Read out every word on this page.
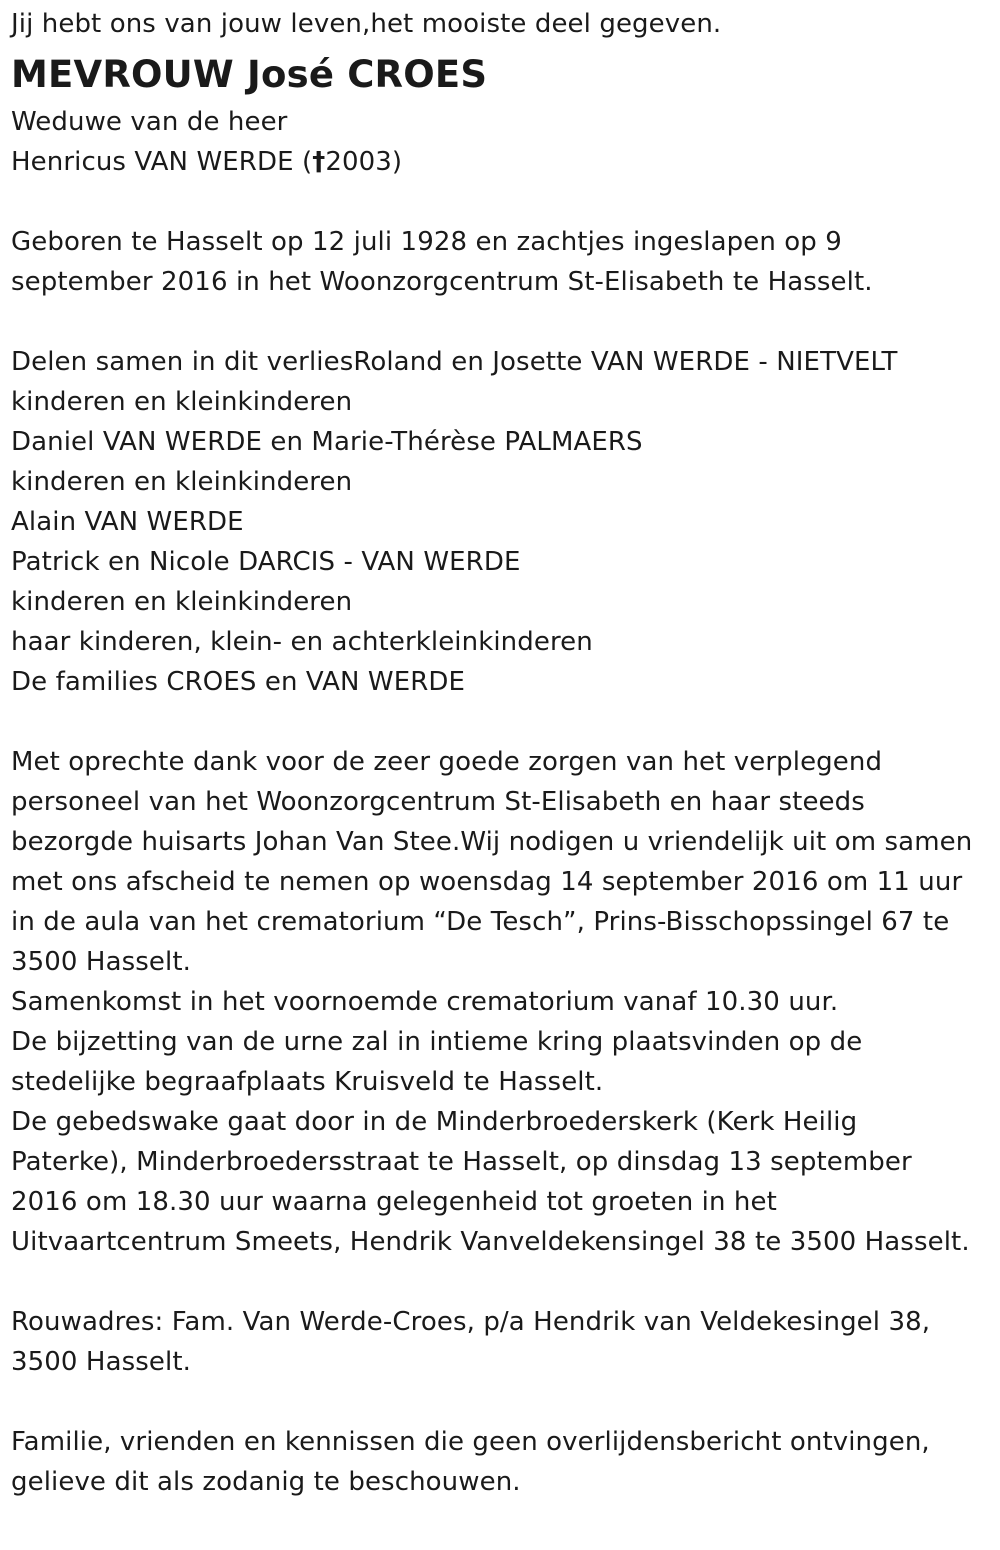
Jij hebt ons van jouw leven,het mooiste deel gegeven.
MEVROUW José CROES
Weduwe van de heer
Henricus VAN WERDE (†2003)
Geboren te Hasselt op 12 juli 1928 en zachtjes ingeslapen op 9
september 2016 in het Woonzorgcentrum St-Elisabeth te Hasselt.
Delen samen in dit verliesRoland en Josette VAN WERDE - NIETVELT
kinderen en kleinkinderen
Daniel VAN WERDE en Marie-Thérèse PALMAERS
kinderen en kleinkinderen
Alain VAN WERDE
Patrick en Nicole DARCIS - VAN WERDE
kinderen en kleinkinderen
haar kinderen, klein- en achterkleinkinderen
De families CROES en VAN WERDE
Met oprechte dank voor de zeer goede zorgen van het verplegend
personeel van het Woonzorgcentrum St-Elisabeth en haar steeds
bezorgde huisarts Johan Van Stee.Wij nodigen u vriendelijk uit om samen
met ons afscheid te nemen op woensdag 14 september 2016 om 11 uur
in de aula van het crematorium “De Tesch”, Prins-Bisschopssingel 67 te
3500 Hasselt.
Samenkomst in het voornoemde crematorium vanaf 10.30 uur.
De bijzetting van de urne zal in intieme kring plaatsvinden op de
stedelijke begraafplaats Kruisveld te Hasselt.
De gebedswake gaat door in de Minderbroederskerk (Kerk Heilig
Paterke), Minderbroedersstraat te Hasselt, op dinsdag 13 september
2016 om 18.30 uur waarna gelegenheid tot groeten in het
Uitvaartcentrum Smeets, Hendrik Vanveldekensingel 38 te 3500 Hasselt.
Rouwadres: Fam. Van Werde-Croes, p/a Hendrik van Veldekesingel 38,
3500 Hasselt.
Familie, vrienden en kennissen die geen overlijdensbericht ontvingen,
gelieve dit als zodanig te beschouwen.
